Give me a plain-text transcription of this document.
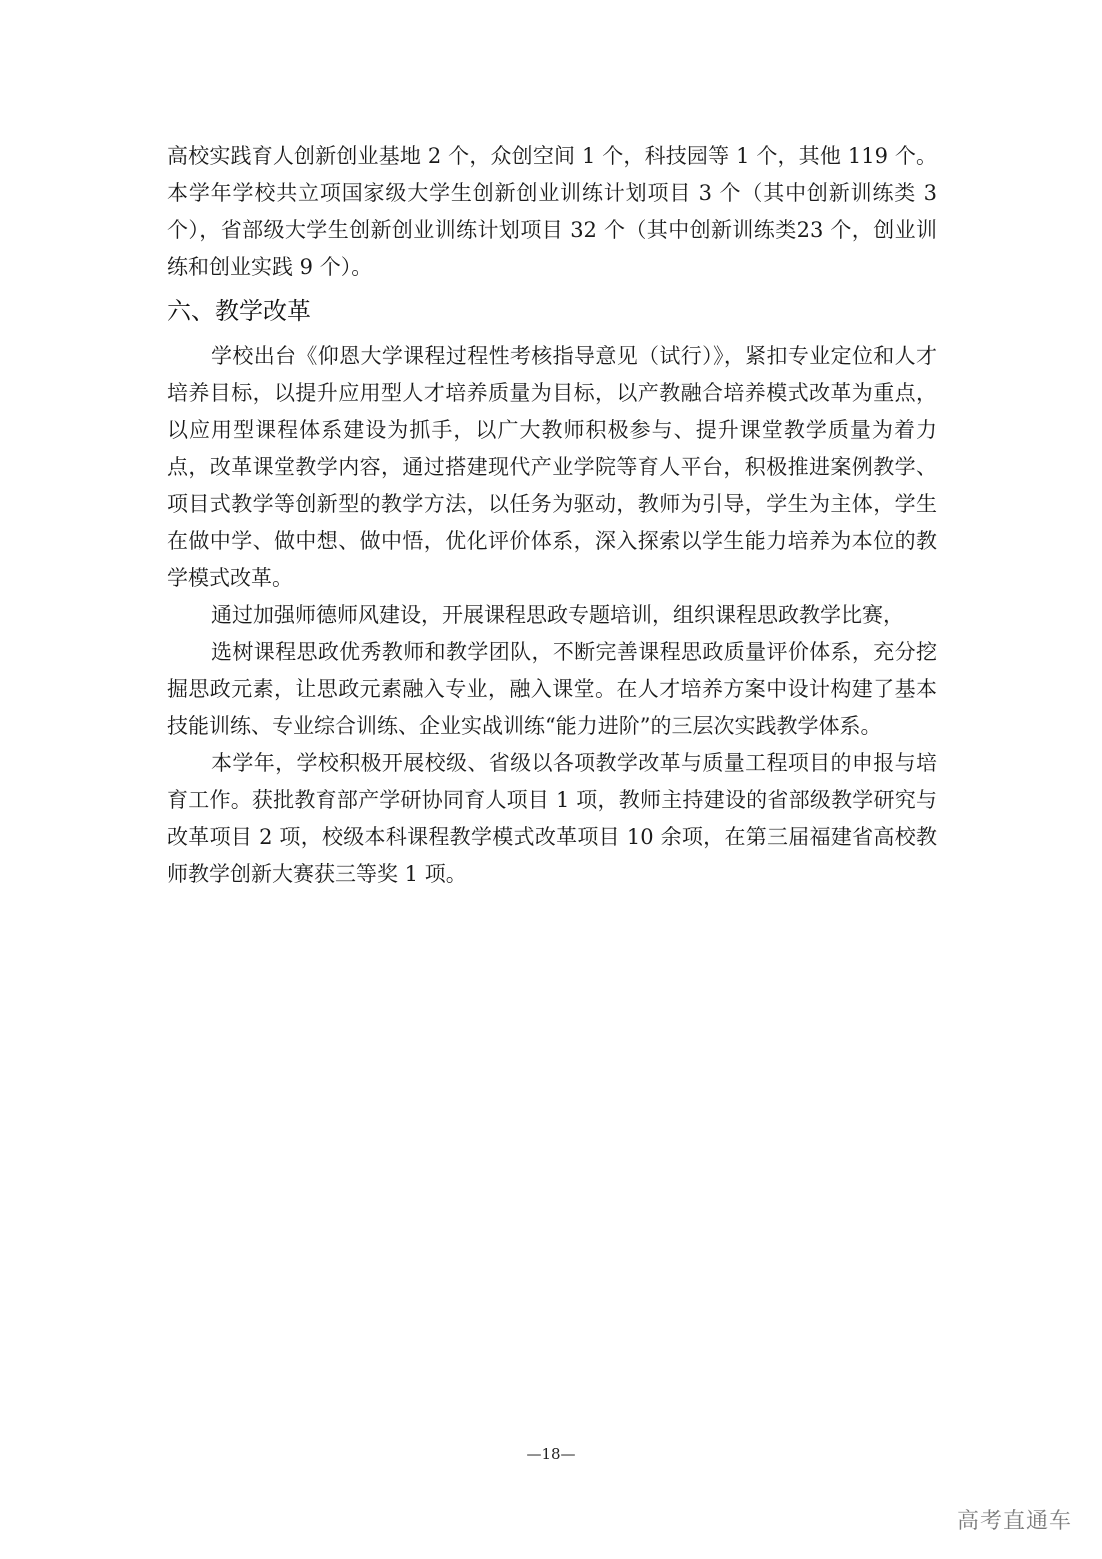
高校实践育人创新创业基地 2 个，众创空间 1 个，科技园等 1 个，其他 119 个。本学年学校共立项国家级大学生创新创业训练计划项目 3 个（其中创新训练类 3 个），省部级大学生创新创业训练计划项目 32 个（其中创新训练类23 个，创业训练和创业实践 9 个）。

六、教学改革

学校出台《仰恩大学课程过程性考核指导意见（试行）》，紧扣专业定位和人才培养目标，以提升应用型人才培养质量为目标，以产教融合培养模式改革为重点，以应用型课程体系建设为抓手，以广大教师积极参与、提升课堂教学质量为着力点，改革课堂教学内容，通过搭建现代产业学院等育人平台，积极推进案例教学、项目式教学等创新型的教学方法，以任务为驱动，教师为引导，学生为主体，学生在做中学、做中想、做中悟，优化评价体系，深入探索以学生能力培养为本位的教学模式改革。

通过加强师德师风建设，开展课程思政专题培训，组织课程思政教学比赛，

选树课程思政优秀教师和教学团队，不断完善课程思政质量评价体系，充分挖掘思政元素，让思政元素融入专业，融入课堂。在人才培养方案中设计构建了基本技能训练、专业综合训练、企业实战训练“能力进阶”的三层次实践教学体系。

本学年，学校积极开展校级、省级以各项教学改革与质量工程项目的申报与培育工作。获批教育部产学研协同育人项目 1 项，教师主持建设的省部级教学研究与改革项目 2 项，校级本科课程教学模式改革项目 10 余项，在第三届福建省高校教师教学创新大赛获三等奖 1 项。

—18—
高考直通车
